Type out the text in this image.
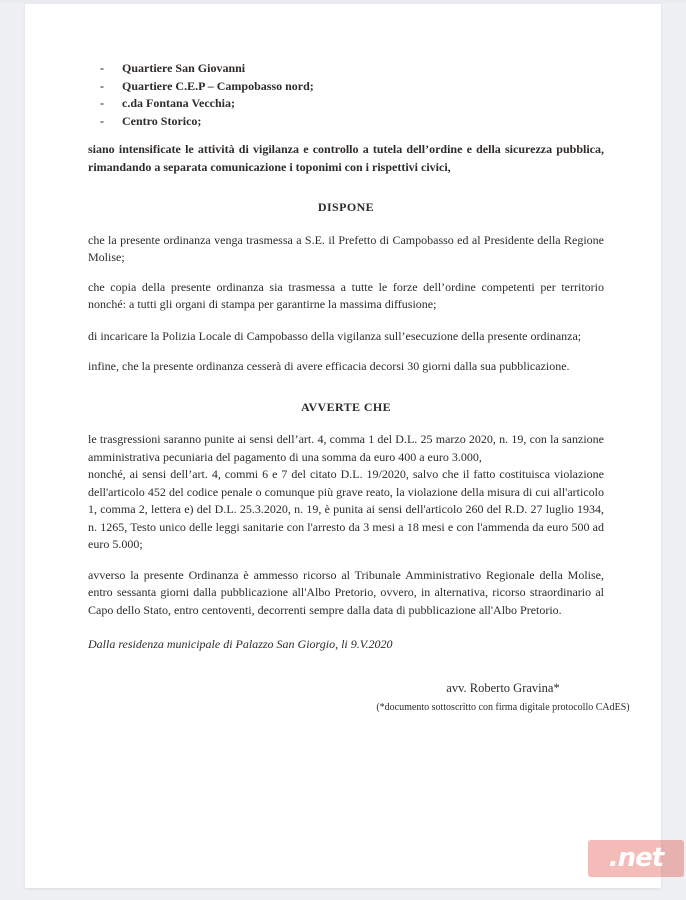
-	Quartiere San Giovanni
-	Quartiere C.E.P – Campobasso nord;
-	c.da Fontana Vecchia;
-	Centro Storico;
siano intensificate le attività di vigilanza e controllo a tutela dell’ordine e della sicurezza pubblica, rimandando a separata comunicazione i toponimi con i rispettivi civici,
DISPONE
che la presente ordinanza venga trasmessa a S.E. il Prefetto di Campobasso ed al Presidente della Regione Molise;
che copia della presente ordinanza sia trasmessa a tutte le forze dell’ordine competenti per territorio nonché: a tutti gli organi di stampa per garantirne la massima diffusione;
di incaricare la Polizia Locale di Campobasso della vigilanza sull’esecuzione della presente ordinanza;
infine, che la presente ordinanza cesserà di avere efficacia decorsi 30 giorni dalla sua pubblicazione.
AVVERTE CHE
le trasgressioni saranno punite ai sensi dell’art. 4, comma 1 del D.L. 25 marzo 2020, n. 19, con la sanzione amministrativa pecuniaria del pagamento di una somma da euro 400 a euro 3.000,
nonché, ai sensi dell’art. 4, commi 6 e 7 del citato D.L. 19/2020, salvo che il fatto costituisca violazione dell'articolo 452 del codice penale o comunque più grave reato, la violazione della misura di cui all'articolo 1, comma 2, lettera e) del D.L. 25.3.2020, n. 19, è punita ai sensi dell'articolo 260 del R.D. 27 luglio 1934, n. 1265, Testo unico delle leggi sanitarie con l'arresto da 3 mesi a 18 mesi e con l'ammenda da euro 500 ad euro 5.000;
avverso la presente Ordinanza è ammesso ricorso al Tribunale Amministrativo Regionale della Molise, entro sessanta giorni dalla pubblicazione all'Albo Pretorio, ovvero, in alternativa, ricorso straordinario al Capo dello Stato, entro centoventi, decorrenti sempre dalla data di pubblicazione all'Albo Pretorio.
Dalla residenza municipale di Palazzo San Giorgio, li 9.V.2020
avv. Roberto Gravina*
(*documento sottoscritto con firma digitale protocollo CAdES)
.net
